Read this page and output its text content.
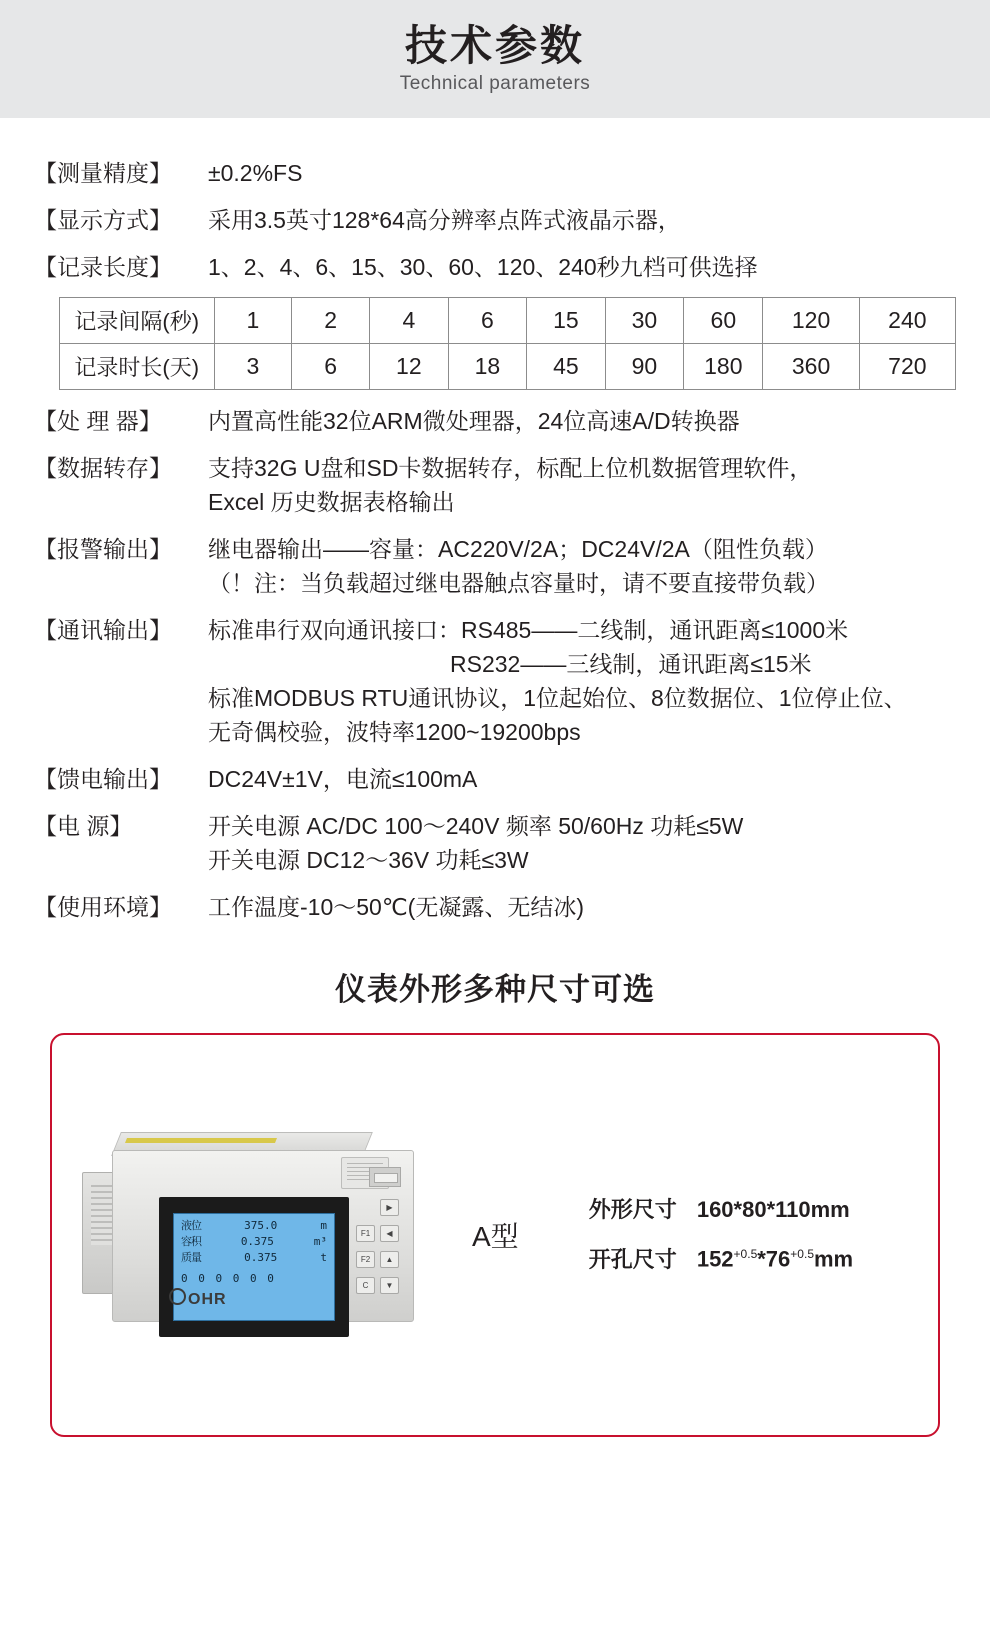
技术参数
Technical parameters
【测量精度】	±0.2%FS
【显示方式】	采用3.5英寸128*64高分辨率点阵式液晶示器，
【记录长度】	1、2、4、6、15、30、60、120、240秒九档可供选择
记录间隔(秒)	1	2	4	6	15	30	60	120	240
记录时长(天)	3	6	12	18	45	90	180	360	720
【处 理 器】	内置高性能32位ARM微处理器，24位高速A/D转换器
【数据转存】	支持32G U盘和SD卡数据转存，标配上位机数据管理软件，
Excel 历史数据表格输出
【报警输出】	继电器输出——容量：AC220V/2A；DC24V/2A（阻性负载）
（！注：当负载超过继电器触点容量时，请不要直接带负载）
【通讯输出】	标准串行双向通讯接口：RS485——二线制，通讯距离≤1000米
RS232——三线制，通讯距离≤15米
标准MODBUS RTU通讯协议，1位起始位、8位数据位、1位停止位、
无奇偶校验，波特率1200~19200bps
【馈电输出】	DC24V±1V，电流≤100mA
【电 源】	开关电源 AC/DC 100～240V 频率 50/60Hz 功耗≤5W
开关电源 DC12～36V 功耗≤3W
【使用环境】	工作温度-10～50℃(无凝露、无结冰)
仪表外形多种尺寸可选
液位	375.0	m
容积	0.375	m³
质量	0.375	t
0 0 0 0 0 0
▶
F1	◀
F2	▲
C	▼
OHR
A型
外形尺寸 160*80*110mm
开孔尺寸 $152^{+0.5}*76^{+0.5}mm$
